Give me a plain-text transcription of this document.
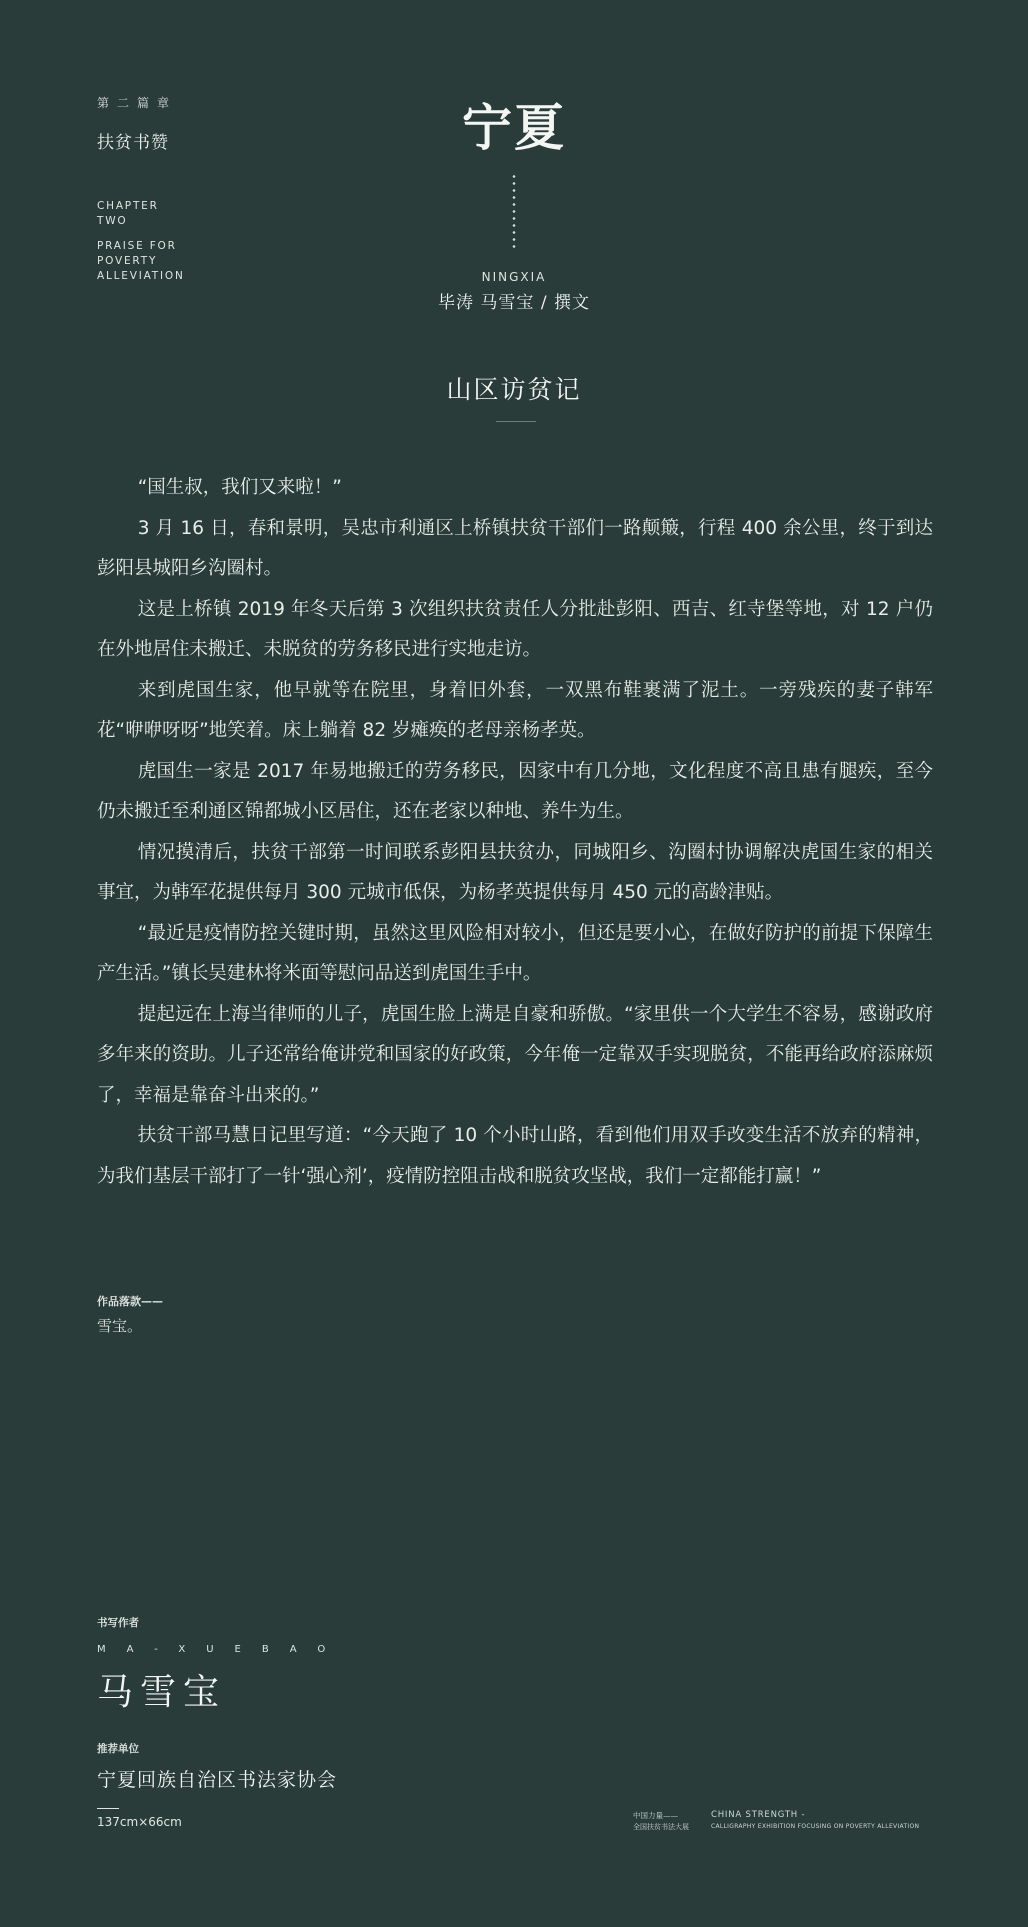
第二篇章
扶贫书赞
CHAPTER
TWO
PRAISE FOR
POVERTY
ALLEVIATION
宁夏
NINGXIA
毕涛 马雪宝 / 撰文
山区访贫记

“国生叔，我们又来啦！”

3 月 16 日，春和景明，吴忠市利通区上桥镇扶贫干部们一路颠簸，行程 400 余公里，终于到达彭阳县城阳乡沟圈村。

这是上桥镇 2019 年冬天后第 3 次组织扶贫责任人分批赴彭阳、西吉、红寺堡等地，对 12 户仍在外地居住未搬迁、未脱贫的劳务移民进行实地走访。

来到虎国生家，他早就等在院里，身着旧外套，一双黑布鞋裹满了泥土。一旁残疾的妻子韩军花“咿咿呀呀”地笑着。床上躺着 82 岁瘫痪的老母亲杨孝英。

虎国生一家是 2017 年易地搬迁的劳务移民，因家中有几分地，文化程度不高且患有腿疾，至今仍未搬迁至利通区锦都城小区居住，还在老家以种地、养牛为生。

情况摸清后，扶贫干部第一时间联系彭阳县扶贫办，同城阳乡、沟圈村协调解决虎国生家的相关事宜，为韩军花提供每月 300 元城市低保，为杨孝英提供每月 450 元的高龄津贴。

“最近是疫情防控关键时期，虽然这里风险相对较小，但还是要小心，在做好防护的前提下保障生产生活。”镇长吴建林将米面等慰问品送到虎国生手中。

提起远在上海当律师的儿子，虎国生脸上满是自豪和骄傲。“家里供一个大学生不容易，感谢政府多年来的资助。儿子还常给俺讲党和国家的好政策，今年俺一定靠双手实现脱贫，不能再给政府添麻烦了，幸福是靠奋斗出来的。”

扶贫干部马慧日记里写道：“今天跑了 10 个小时山路，看到他们用双手改变生活不放弃的精神，为我们基层干部打了一针‘强心剂’，疫情防控阻击战和脱贫攻坚战，我们一定都能打赢！”

作品落款——
雪宝。
书写作者
MA-XUEBAO
马雪宝
推荐单位
宁夏回族自治区书法家协会
137cm×66cm	中国力量——
全国扶贫书法大展
CHINA STRENGTH -
CALLIGRAPHY EXHIBITION FOCUSING ON POVERTY ALLEVIATION
